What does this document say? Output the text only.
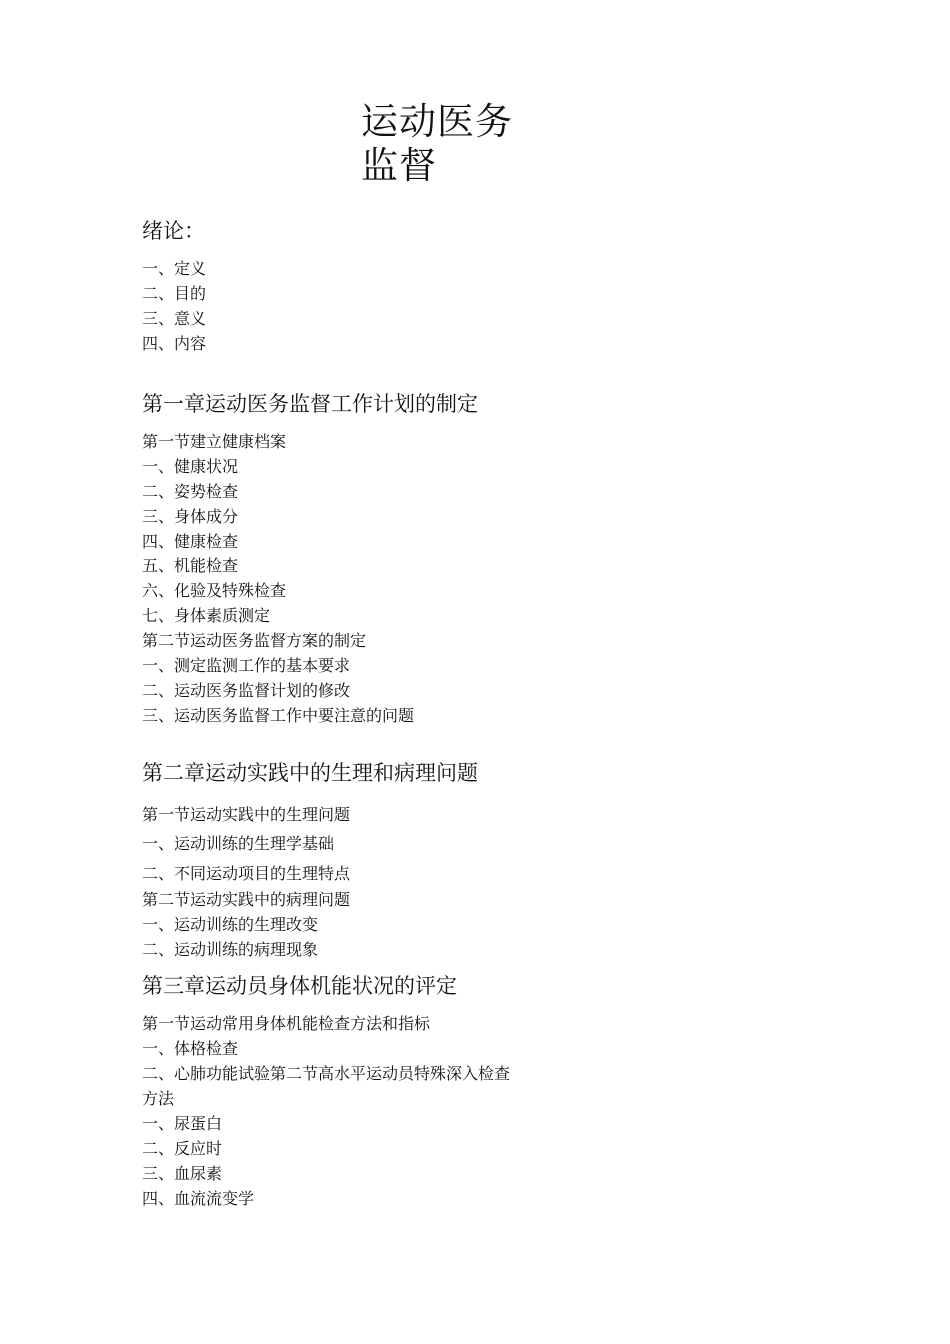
运动医务
监督
绪论：
一、定义
二、目的
三、意义
四、内容
第一章运动医务监督工作计划的制定
第一节建立健康档案
一、健康状况
二、姿势检查
三、身体成分
四、健康检查
五、机能检查
六、化验及特殊检查
七、身体素质测定
第二节运动医务监督方案的制定
一、测定监测工作的基本要求
二、运动医务监督计划的修改
三、运动医务监督工作中要注意的问题
第二章运动实践中的生理和病理问题
第一节运动实践中的生理问题
一、运动训练的生理学基础
二、不同运动项目的生理特点
第二节运动实践中的病理问题
一、运动训练的生理改变
二、运动训练的病理现象
第三章运动员身体机能状况的评定
第一节运动常用身体机能检查方法和指标
一、体格检查
二、心肺功能试验第二节高水平运动员特殊深入检查
方法
一、尿蛋白
二、反应时
三、血尿素
四、血流流变学
